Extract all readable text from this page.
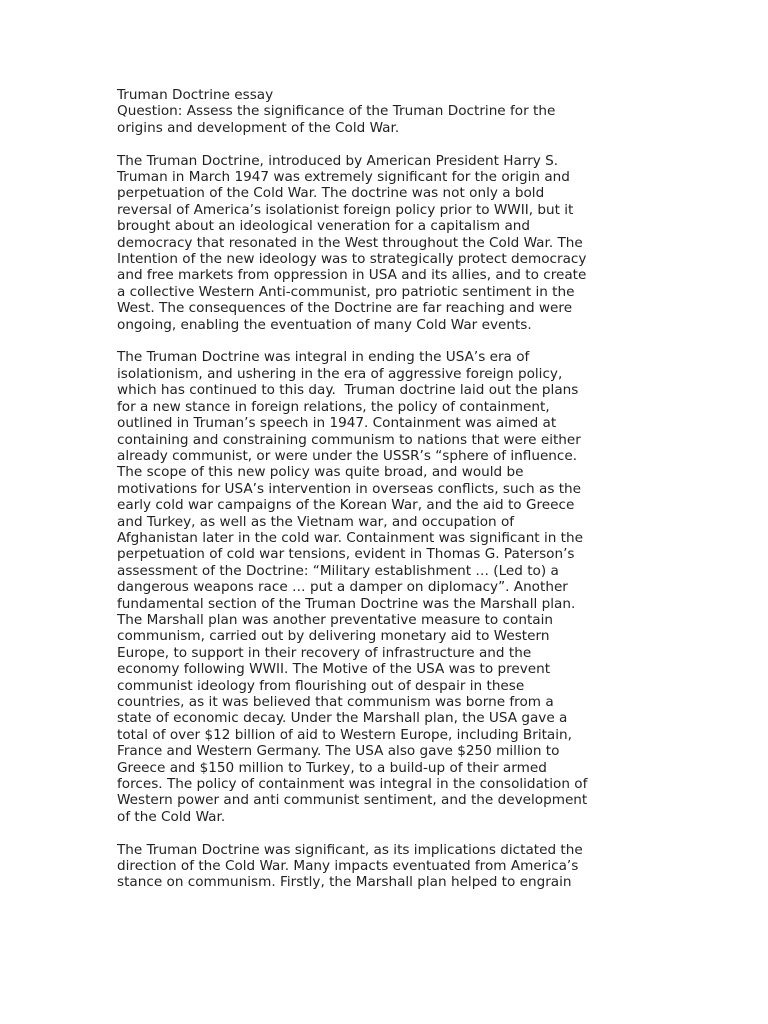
Truman Doctrine essay
Question: Assess the significance of the Truman Doctrine for the
origins and development of the Cold War.
The Truman Doctrine, introduced by American President Harry S.
Truman in March 1947 was extremely significant for the origin and
perpetuation of the Cold War. The doctrine was not only a bold
reversal of America’s isolationist foreign policy prior to WWII, but it
brought about an ideological veneration for a capitalism and
democracy that resonated in the West throughout the Cold War. The
Intention of the new ideology was to strategically protect democracy
and free markets from oppression in USA and its allies, and to create
a collective Western Anti-communist, pro patriotic sentiment in the
West. The consequences of the Doctrine are far reaching and were
ongoing, enabling the eventuation of many Cold War events.
The Truman Doctrine was integral in ending the USA’s era of
isolationism, and ushering in the era of aggressive foreign policy,
which has continued to this day.  Truman doctrine laid out the plans
for a new stance in foreign relations, the policy of containment,
outlined in Truman’s speech in 1947. Containment was aimed at
containing and constraining communism to nations that were either
already communist, or were under the USSR’s “sphere of influence.
The scope of this new policy was quite broad, and would be
motivations for USA’s intervention in overseas conflicts, such as the
early cold war campaigns of the Korean War, and the aid to Greece
and Turkey, as well as the Vietnam war, and occupation of
Afghanistan later in the cold war. Containment was significant in the
perpetuation of cold war tensions, evident in Thomas G. Paterson’s
assessment of the Doctrine: “Military establishment … (Led to) a
dangerous weapons race … put a damper on diplomacy”. Another
fundamental section of the Truman Doctrine was the Marshall plan.
The Marshall plan was another preventative measure to contain
communism, carried out by delivering monetary aid to Western
Europe, to support in their recovery of infrastructure and the
economy following WWII. The Motive of the USA was to prevent
communist ideology from flourishing out of despair in these
countries, as it was believed that communism was borne from a
state of economic decay. Under the Marshall plan, the USA gave a
total of over $12 billion of aid to Western Europe, including Britain,
France and Western Germany. The USA also gave $250 million to
Greece and $150 million to Turkey, to a build-up of their armed
forces. The policy of containment was integral in the consolidation of
Western power and anti communist sentiment, and the development
of the Cold War.
The Truman Doctrine was significant, as its implications dictated the
direction of the Cold War. Many impacts eventuated from America’s
stance on communism. Firstly, the Marshall plan helped to engrain
